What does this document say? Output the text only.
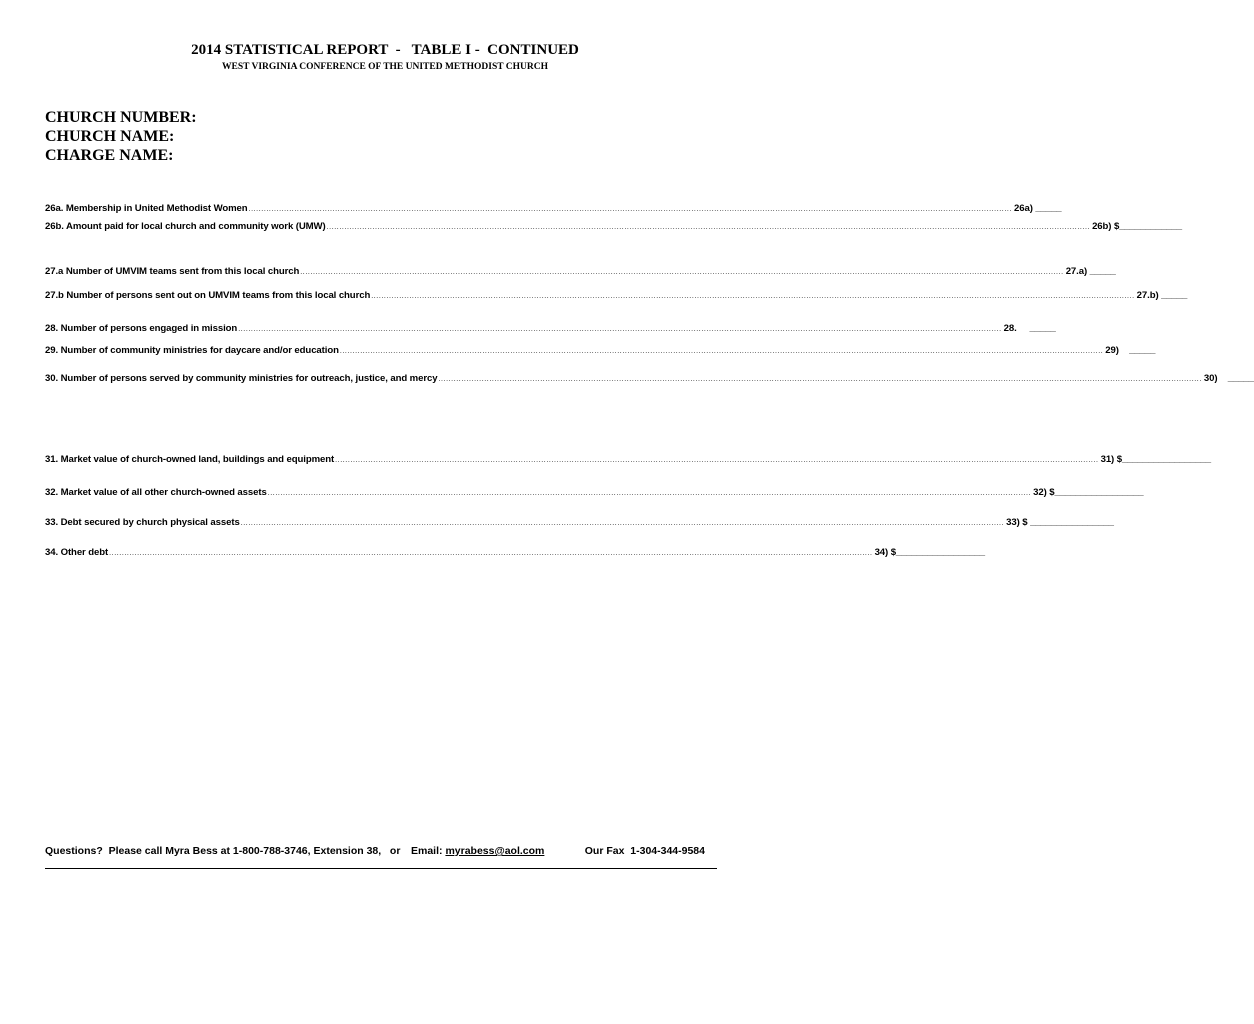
2014 STATISTICAL REPORT  -   TABLE I -  CONTINUED
WEST VIRGINIA CONFERENCE OF THE UNITED METHODIST CHURCH
CHURCH NUMBER:
CHURCH NAME:
CHARGE NAME:
26a. Membership in United Methodist Women ............................................................................................................................................................................................................................................................................................................ 26a) _____
26b. Amount paid for local church and community work (UMW) ............................................................................................................................................................................................................................................................................................................ 26b) $____________
27.a Number of UMVIM teams sent from this local church ............................................................................................................................................................................................................................................................................................................ 27.a) _____
27.b Number of persons sent out on UMVIM teams from this local church ............................................................................................................................................................................................................................................................................................................ 27.b) _____
28. Number of persons engaged in mission ............................................................................................................................................................................................................................................................................................................ 28.     _____
29. Number of community ministries for daycare and/or education ............................................................................................................................................................................................................................................................................................................ 29)    _____
30. Number of persons served by community ministries for outreach, justice, and mercy ............................................................................................................................................................................................................................................................................................................ 30)    _____
31. Market value of church-owned land, buildings and equipment ............................................................................................................................................................................................................................................................................................................ 31) $_________________
32. Market value of all other church-owned assets ............................................................................................................................................................................................................................................................................................................ 32) $_________________
33. Debt secured by church physical assets ............................................................................................................................................................................................................................................................................................................ 33) $ ________________
34. Other debt ............................................................................................................................................................................................................................................................................................................ 34) $_________________

Questions?  Please call Myra Bess at 1-800-788-3746, Extension 38,   or

Email: myrabess@aol.com

	Our Fax  1-304-344-9584
